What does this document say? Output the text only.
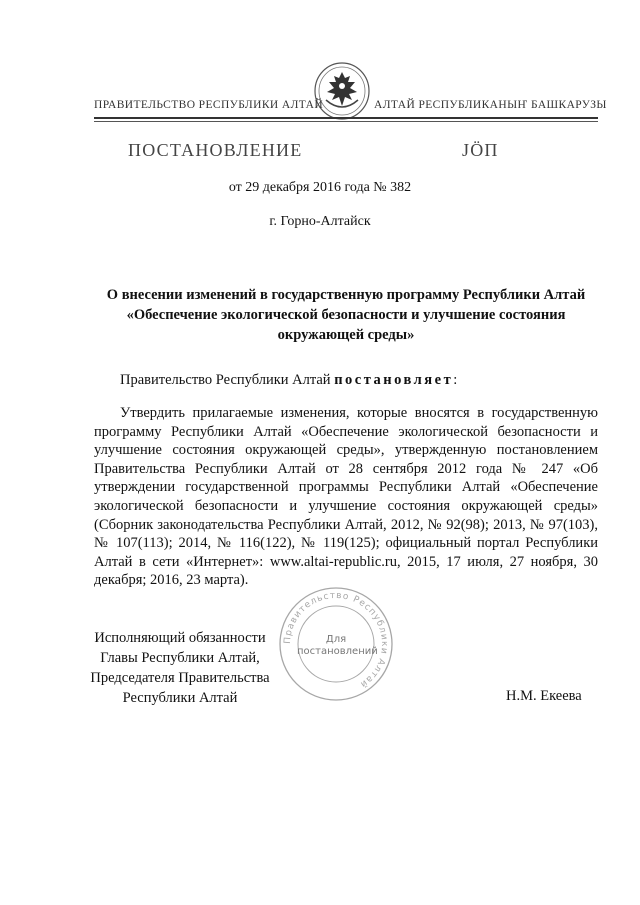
ПРАВИТЕЛЬСТВО РЕСПУБЛИКИ АЛТАЙ	АЛТАЙ РЕСПУБЛИКАНЫҤ БАШКАРУЗЫ
ПОСТАНОВЛЕНИЕ	JӦП
от 29 декабря 2016 года № 382
г. Горно-Алтайск
О внесении изменений в государственную программу Республики Алтай «Обеспечение экологической безопасности и улучшение состояния окружающей среды»
Правительство Республики Алтай постановляет:
Утвердить прилагаемые изменения, которые вносятся в государственную программу Республики Алтай «Обеспечение экологической безопасности и улучшение состояния окружающей среды», утвержденную постановлением Правительства Республики Алтай от 28 сентября 2012 года № 247 «Об утверждении государственной программы Республики Алтай «Обеспечение экологической безопасности и улучшение состояния окружающей среды» (Сборник законодательства Республики Алтай, 2012, № 92(98); 2013, № 97(103), № 107(113); 2014, № 116(122), № 119(125); официальный портал Республики Алтай в сети «Интернет»: www.altai-republic.ru, 2015, 17 июля, 27 ноября, 30 декабря; 2016, 23 марта).
Правительство Республики Алтай
Для
постановлений
Исполняющий обязанности
Главы Республики Алтай,
Председателя Правительства
Республики Алтай	Н.М. Екеева
